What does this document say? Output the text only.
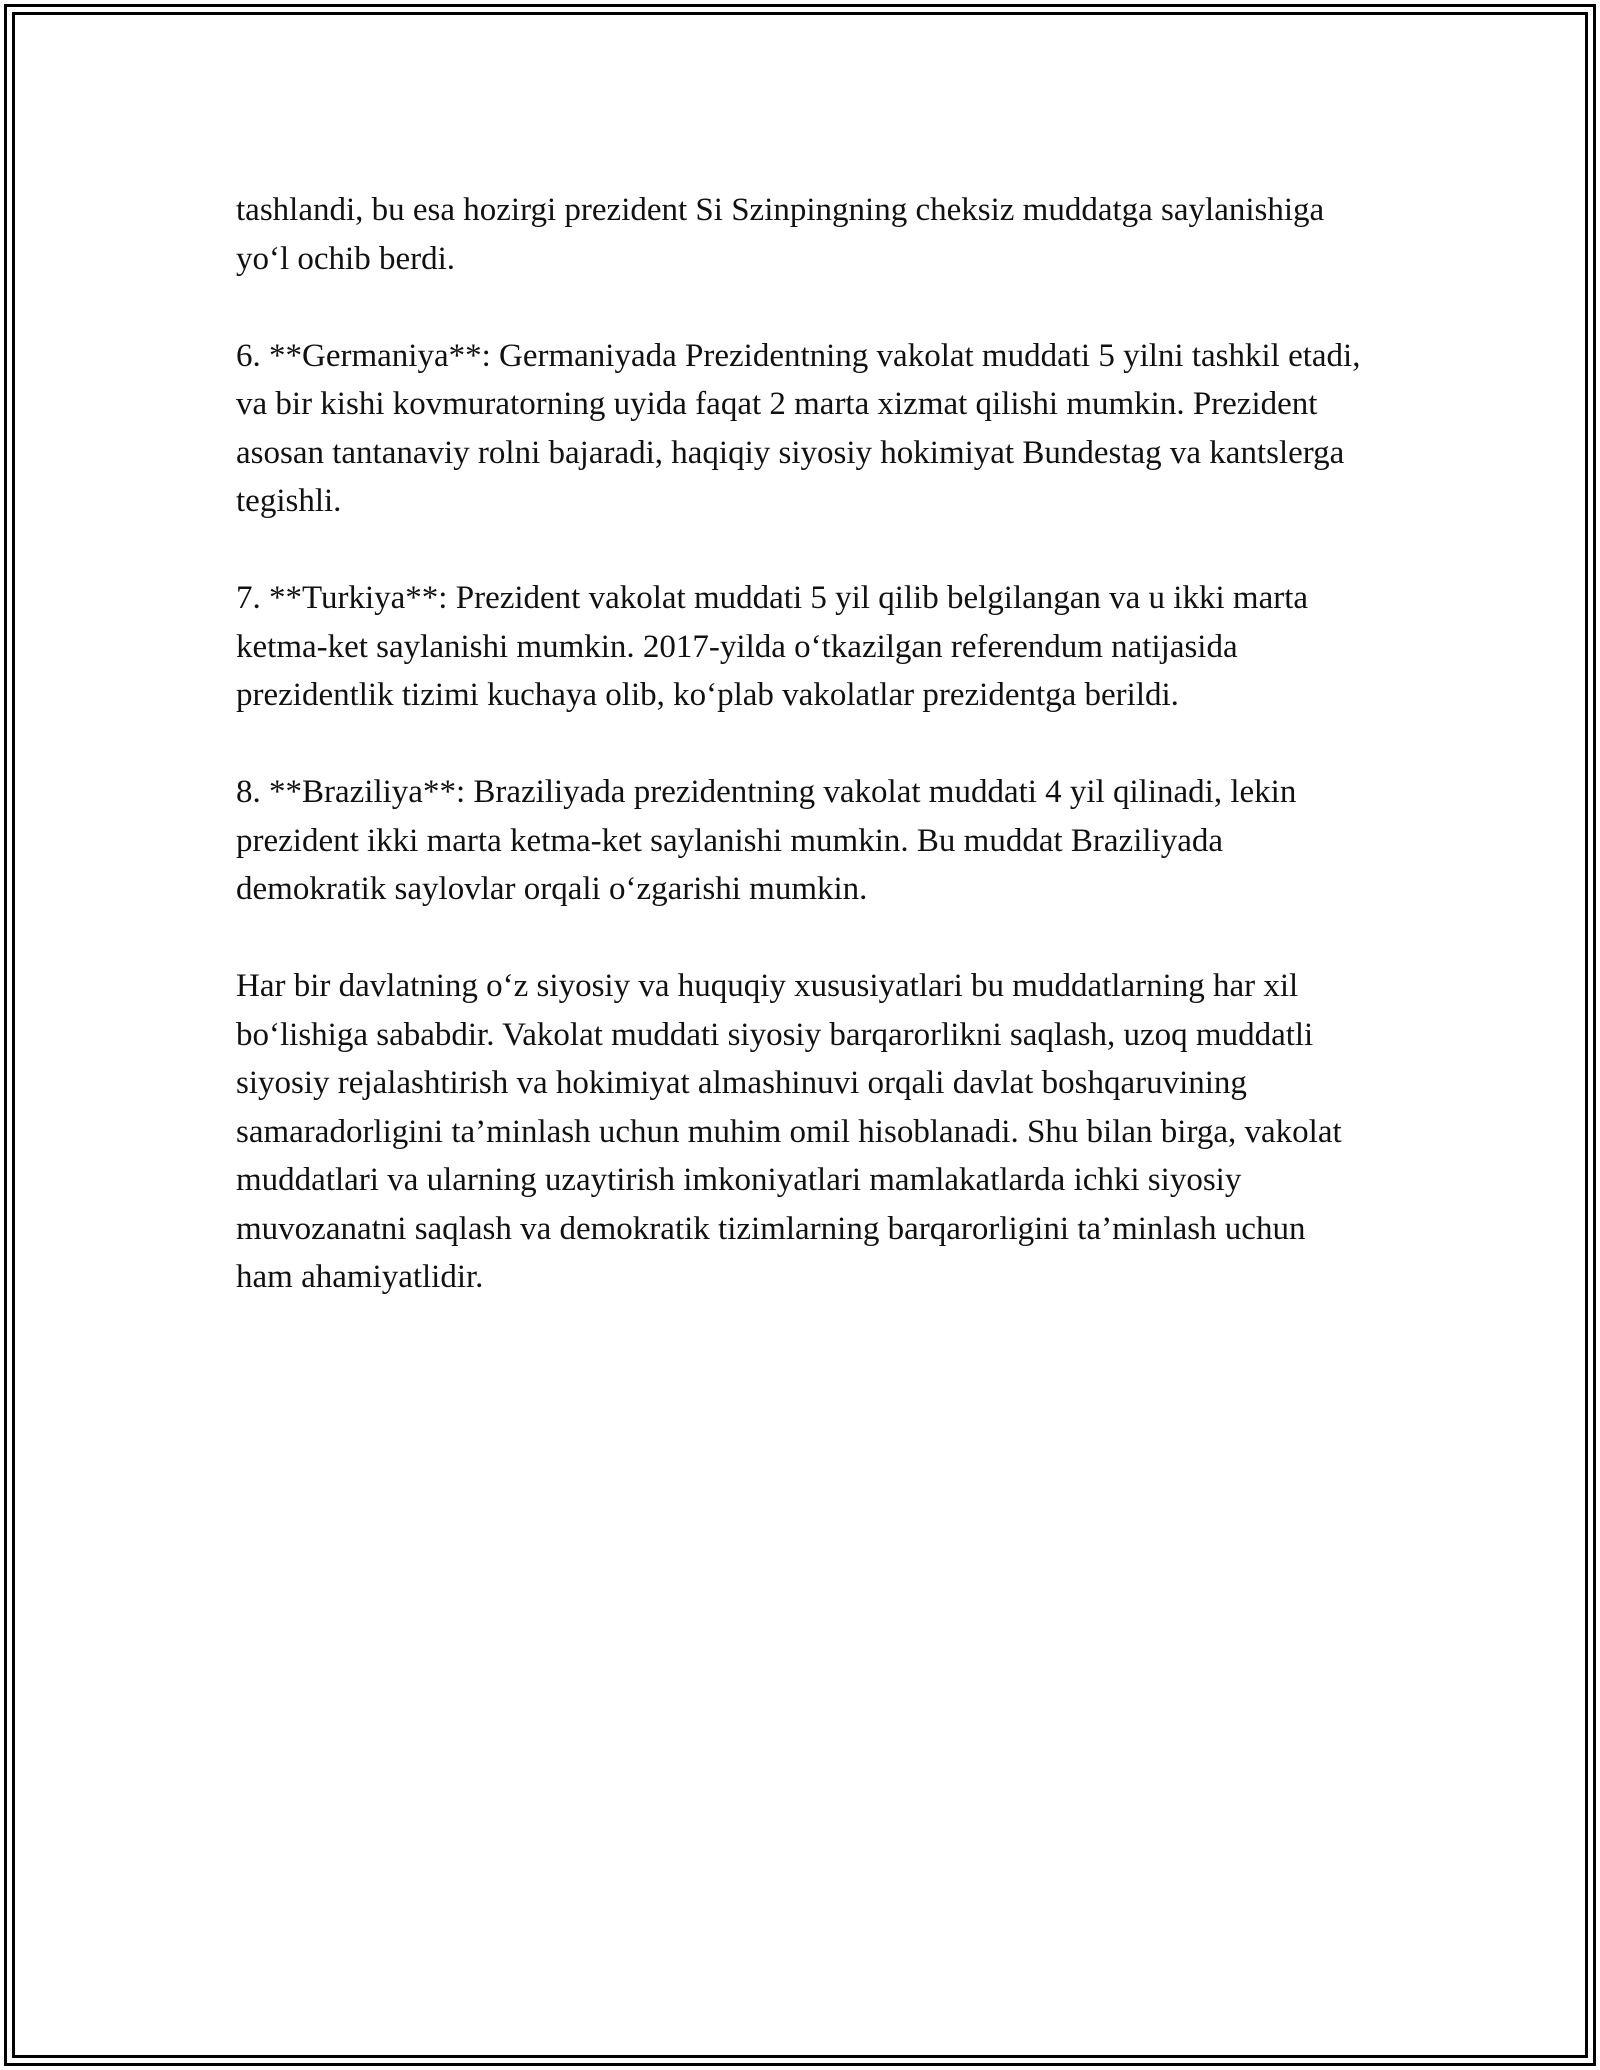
tashlandi, bu esa hozirgi prezident Si Szinpingning cheksiz muddatga saylanishiga yo‘l ochib berdi.

6. **Germaniya**: Germaniyada Prezidentning vakolat muddati 5 yilni tashkil etadi, va bir kishi kovmuratorning uyida faqat 2 marta xizmat qilishi mumkin. Prezident asosan tantanaviy rolni bajaradi, haqiqiy siyosiy hokimiyat Bundestag va kantslerga tegishli.

7. **Turkiya**: Prezident vakolat muddati 5 yil qilib belgilangan va u ikki marta ketma-ket saylanishi mumkin. 2017-yilda o‘tkazilgan referendum natijasida prezidentlik tizimi kuchaya olib, ko‘plab vakolatlar prezidentga berildi.

8. **Braziliya**: Braziliyada prezidentning vakolat muddati 4 yil qilinadi, lekin prezident ikki marta ketma-ket saylanishi mumkin. Bu muddat Braziliyada demokratik saylovlar orqali o‘zgarishi mumkin.

Har bir davlatning o‘z siyosiy va huquqiy xususiyatlari bu muddatlarning har xil bo‘lishiga sababdir. Vakolat muddati siyosiy barqarorlikni saqlash, uzoq muddatli siyosiy rejalashtirish va hokimiyat almashinuvi orqali davlat boshqaruvining samaradorligini ta’minlash uchun muhim omil hisoblanadi. Shu bilan birga, vakolat muddatlari va ularning uzaytirish imkoniyatlari mamlakatlarda ichki siyosiy muvozanatni saqlash va demokratik tizimlarning barqarorligini ta’minlash uchun ham ahamiyatlidir.
